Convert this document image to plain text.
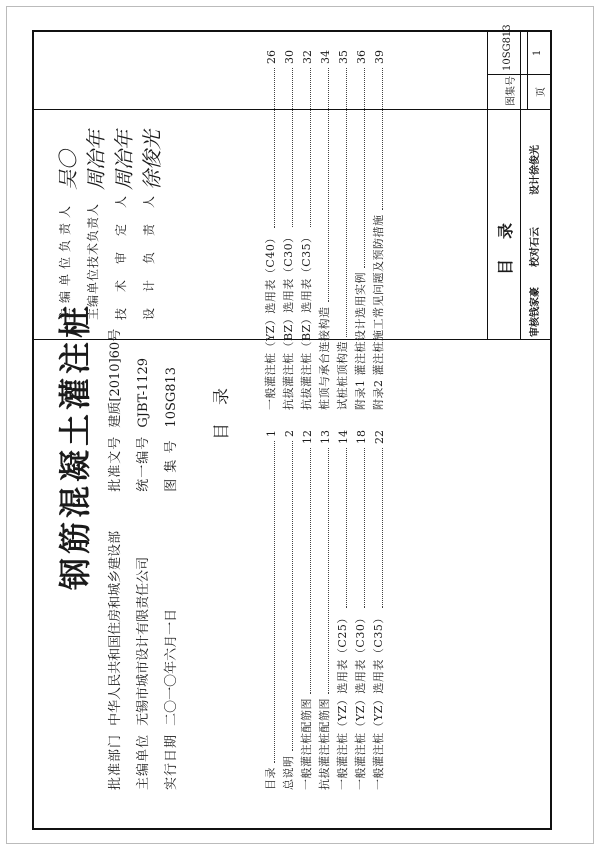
钢筋混凝土灌注桩
批准部门 中华人民共和国住房和城乡建设部 批准文号 建质[2010]60号
主编单位 无锡市城市设计有限责任公司 统一编号 GJBT-1129
实行日期 二〇一〇年六月一日 图 集 号 10SG813 目录
目录
1
总说明
2
一般灌注桩配筋图
12
抗拔灌注桩配筋图
13
一般灌注桩（YZ）选用表（C25）
14
一般灌注桩（YZ）选用表（C30）
18
一般灌注桩（YZ）选用表（C35）
22
一般灌注桩（YZ）选用表（C40）
26
抗拔灌注桩（BZ）选用表（C30）
30
抗拔灌注桩（BZ）选用表（C35）
32
桩顶与承台连接构造
34
试桩桩顶构造
35
附录1 灌注桩设计选用实例
36
附录2 灌注桩施工常见问题及预防措施
39
主编单位负责人 主编单位技术负责人 技术审定人 设计负责人
吴〇 周冶年 周冶年 徐俊光
目录
审核钱家豪
校对石云
设计徐俊光
图集号
10SG813
页
1
